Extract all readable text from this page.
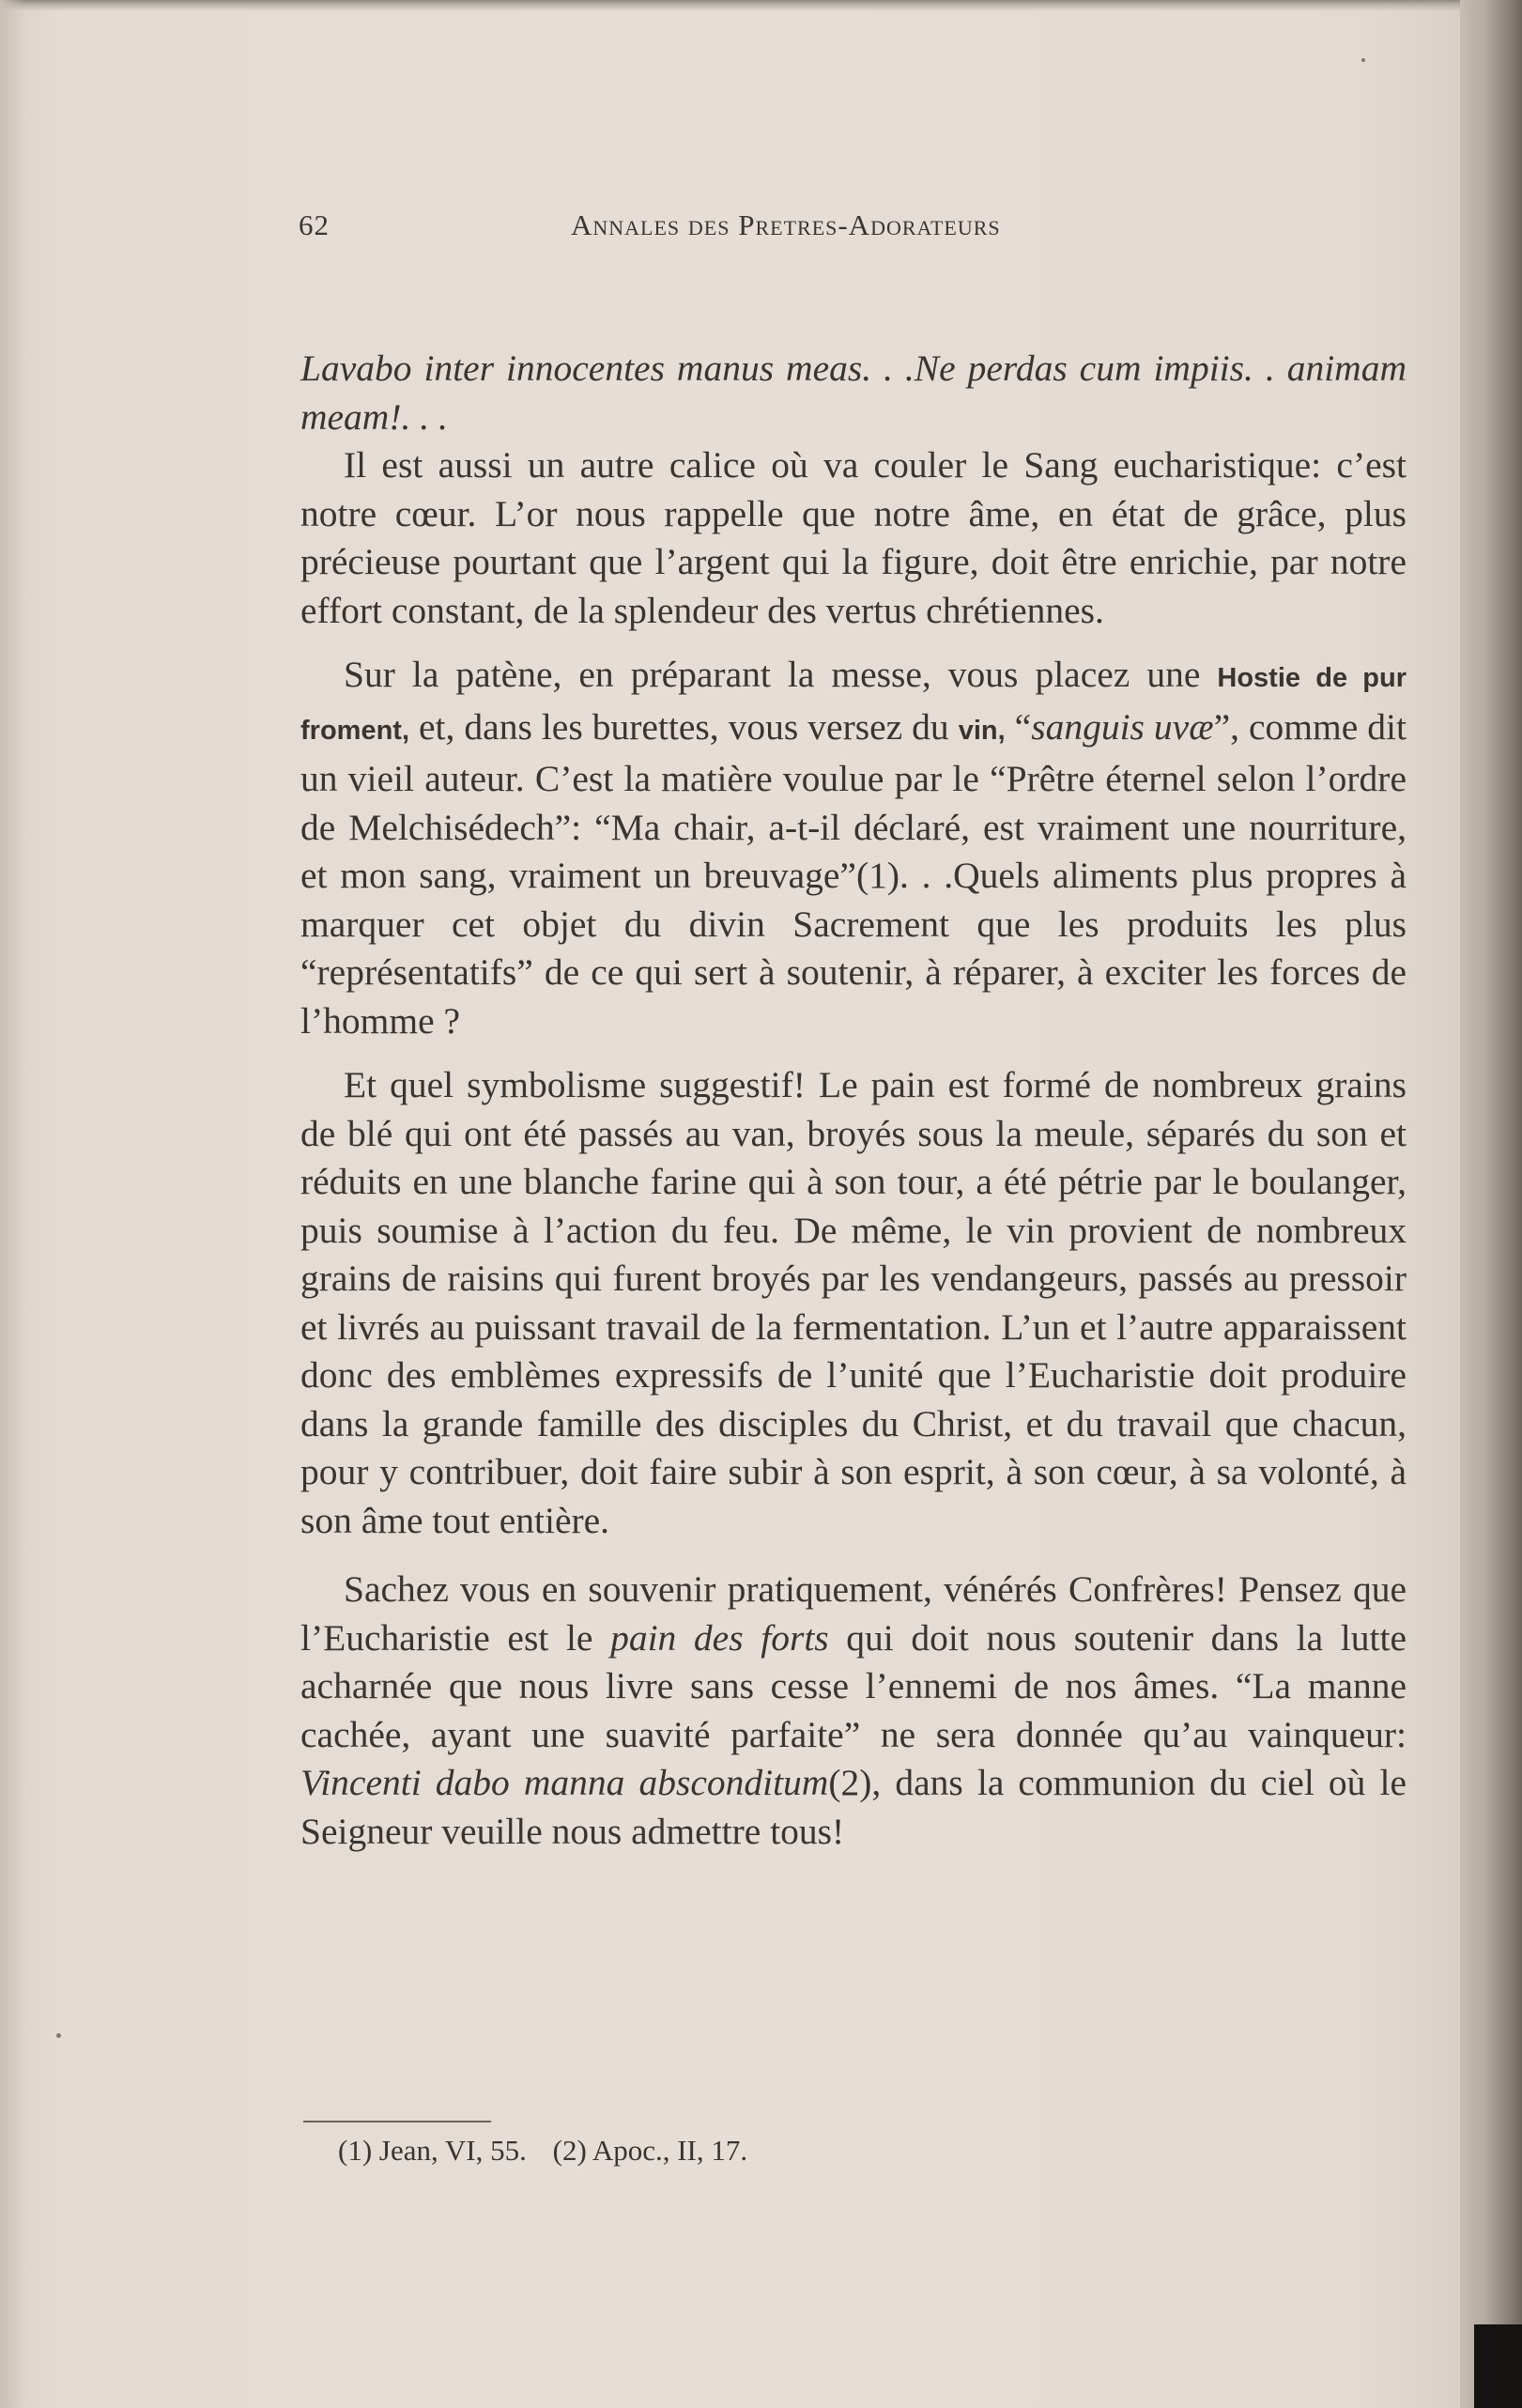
62	Annales des Pretres-Adorateurs

Lavabo inter innocentes manus meas. . .Ne perdas cum impiis. . animam meam!. . .

Il est aussi un autre calice où va couler le Sang eucharistique: c’est notre cœur. L’or nous rappelle que notre âme, en état de grâce, plus précieuse pourtant que l’argent qui la figure, doit être enrichie, par notre effort constant, de la splendeur des vertus chrétiennes.

Sur la patène, en préparant la messe, vous placez une Hostie de pur froment, et, dans les burettes, vous versez du vin, “sanguis uvæ”, comme dit un vieil auteur. C’est la matière voulue par le “Prêtre éternel selon l’ordre de Melchisédech”: “Ma chair, a-t-il déclaré, est vraiment une nourriture, et mon sang, vraiment un breuvage”(1). . .Quels aliments plus propres à marquer cet objet du divin Sacrement que les produits les plus “représentatifs” de ce qui sert à soutenir, à réparer, à exciter les forces de l’homme ?

Et quel symbolisme suggestif! Le pain est formé de nombreux grains de blé qui ont été passés au van, broyés sous la meule, séparés du son et réduits en une blanche farine qui à son tour, a été pétrie par le boulanger, puis soumise à l’action du feu. De même, le vin provient de nombreux grains de raisins qui furent broyés par les vendangeurs, passés au pressoir et livrés au puissant travail de la fermentation. L’un et l’autre apparaissent donc des emblèmes expressifs de l’unité que l’Eucharistie doit produire dans la grande famille des disciples du Christ, et du travail que chacun, pour y contribuer, doit faire subir à son esprit, à son cœur, à sa volonté, à son âme tout entière.

Sachez vous en souvenir pratiquement, vénérés Confrères! Pensez que l’Eucharistie est le pain des forts qui doit nous soutenir dans la lutte acharnée que nous livre sans cesse l’ennemi de nos âmes. “La manne cachée, ayant une suavité parfaite” ne sera donnée qu’au vainqueur: Vincenti dabo manna absconditum(2), dans la communion du ciel où le Seigneur veuille nous admettre tous!

(1) Jean, VI, 55. (2) Apoc., II, 17.
